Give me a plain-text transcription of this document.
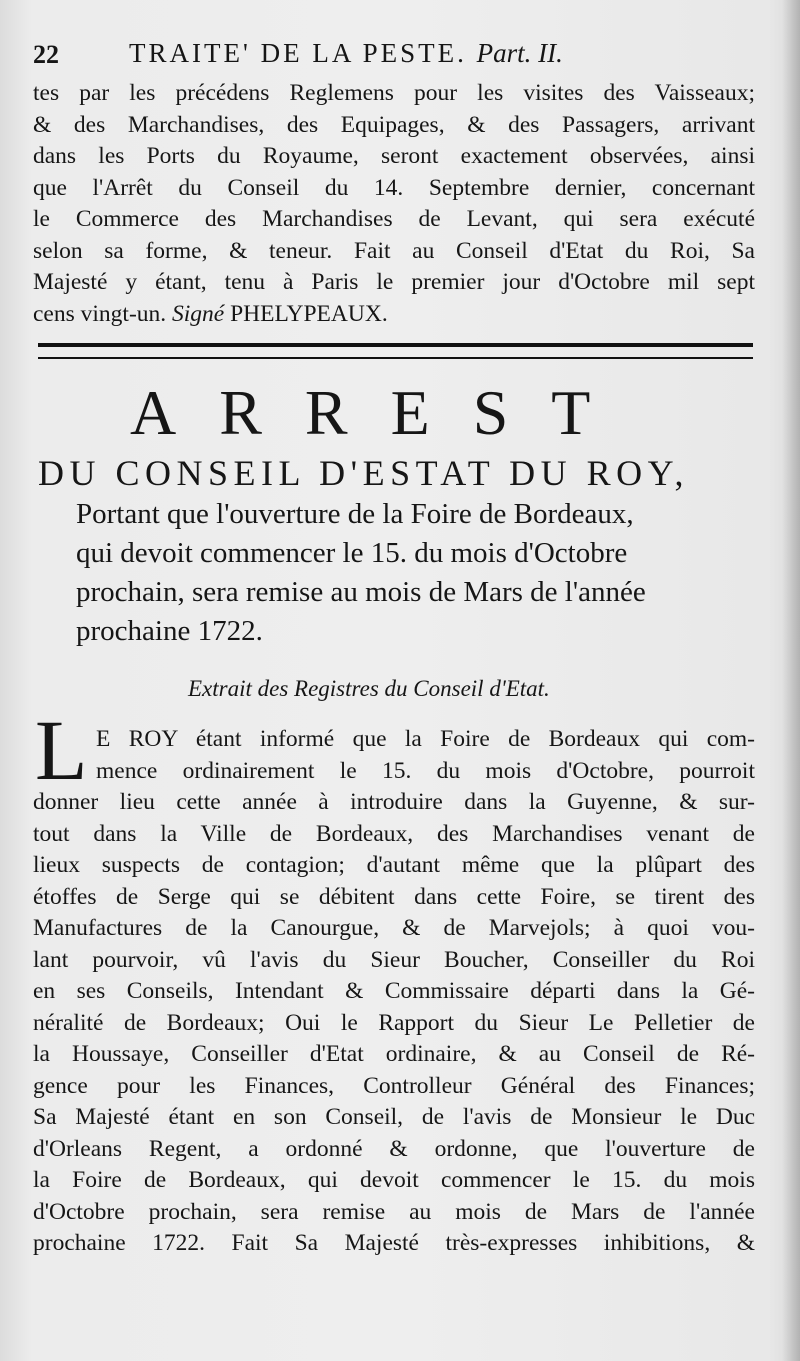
22	TRAITE' DE LA PESTE. Part. II.
tes par les précédens Reglemens pour les visites des Vaisseaux;
& des Marchandises, des Equipages, & des Passagers, arrivant
dans les Ports du Royaume, seront exactement observées, ainsi
que l'Arrêt du Conseil du 14. Septembre dernier, concernant
le Commerce des Marchandises de Levant, qui sera exécuté
selon sa forme, & teneur. Fait au Conseil d'Etat du Roi, Sa
Majesté y étant, tenu à Paris le premier jour d'Octobre mil sept
cens vingt-un. Signé PHELYPEAUX.
ARREST
DU CONSEIL D'ESTAT DU ROY,
Portant que l'ouverture de la Foire de Bordeaux,
qui devoit commencer le 15. du mois d'Octobre
prochain, sera remise au mois de Mars de l'année
prochaine 1722.
Extrait des Registres du Conseil d'Etat.
L E ROY étant informé que la Foire de Bordeaux qui com-
mence ordinairement le 15. du mois d'Octobre, pourroit
donner lieu cette année à introduire dans la Guyenne, & sur-
tout dans la Ville de Bordeaux, des Marchandises venant de
lieux suspects de contagion; d'autant même que la plûpart des
étoffes de Serge qui se débitent dans cette Foire, se tirent des
Manufactures de la Canourgue, & de Marvejols; à quoi vou-
lant pourvoir, vû l'avis du Sieur Boucher, Conseiller du Roi
en ses Conseils, Intendant & Commissaire départi dans la Gé-
néralité de Bordeaux; Oui le Rapport du Sieur Le Pelletier de
la Houssaye, Conseiller d'Etat ordinaire, & au Conseil de Ré-
gence pour les Finances, Controlleur Général des Finances;
Sa Majesté étant en son Conseil, de l'avis de Monsieur le Duc
d'Orleans Regent, a ordonné & ordonne, que l'ouverture de
la Foire de Bordeaux, qui devoit commencer le 15. du mois
d'Octobre prochain, sera remise au mois de Mars de l'année
prochaine 1722. Fait Sa Majesté très-expresses inhibitions, &
